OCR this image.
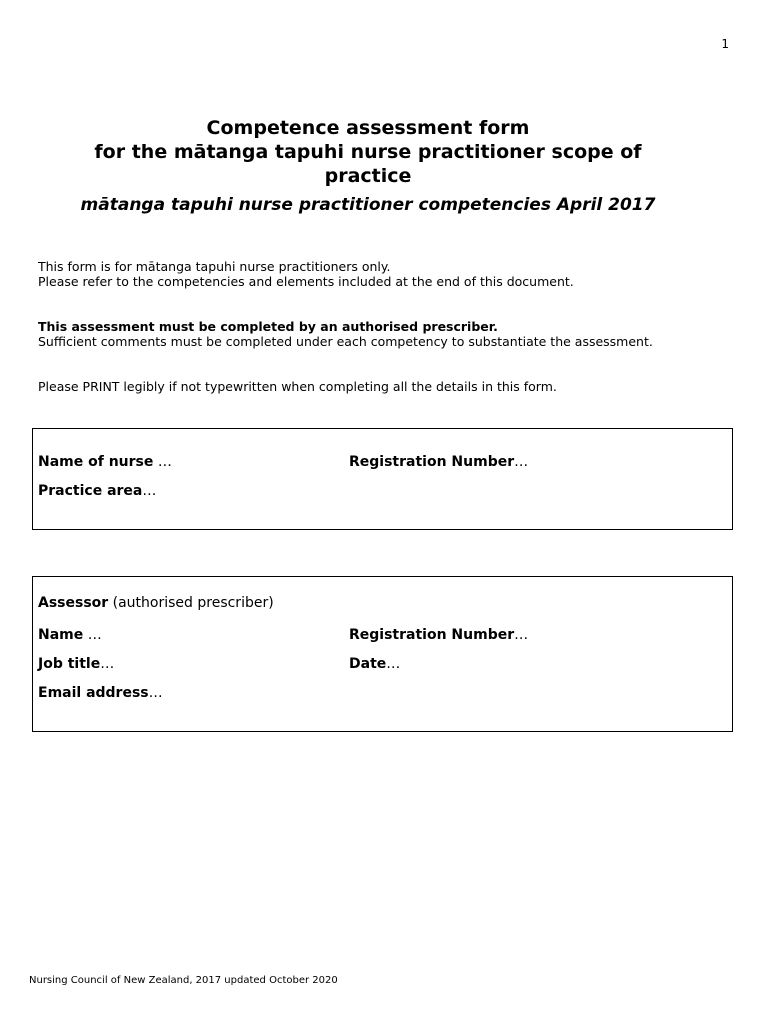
1
Competence assessment form
for the mātanga tapuhi nurse practitioner scope of
practice
mātanga tapuhi nurse practitioner competencies April 2017
This form is for mātanga tapuhi nurse practitioners only.
Please refer to the competencies and elements included at the end of this document.
This assessment must be completed by an authorised prescriber.
Sufficient comments must be completed under each competency to substantiate the assessment.
Please PRINT legibly if not typewritten when completing all the details in this form.
Name of nurse …	Registration Number…
Practice area…
Assessor (authorised prescriber)
Name …	Registration Number…
Job title…	Date…
Email address…
Nursing Council of New Zealand, 2017 updated October 2020
